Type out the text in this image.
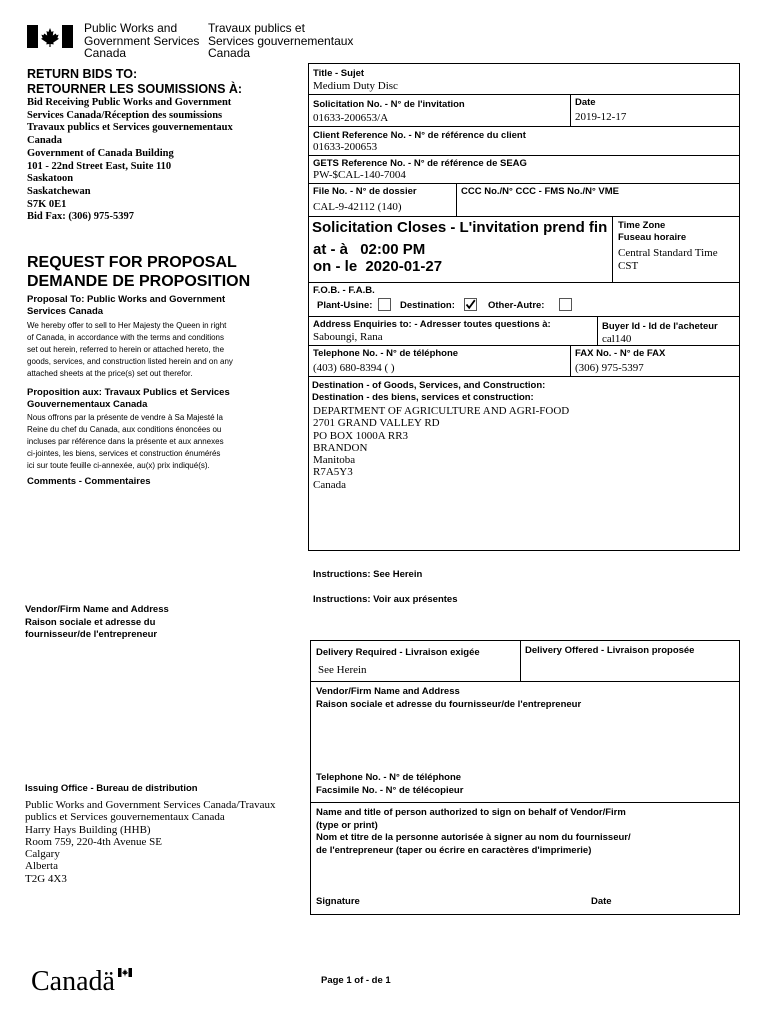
Public Works and
Government Services
Canada
Travaux publics et
Services gouvernementaux
Canada
RETURN BIDS TO:
RETOURNER LES SOUMISSIONS À:
Bid Receiving Public Works and Government
Services Canada/Réception des soumissions
Travaux publics et Services gouvernementaux
Canada
Government of Canada Building
101 - 22nd Street East, Suite 110
Saskatoon
Saskatchewan
S7K 0E1
Bid Fax: (306) 975-5397
REQUEST FOR PROPOSAL
DEMANDE DE PROPOSITION
Proposal To: Public Works and Government
Services Canada
We hereby offer to sell to Her Majesty the Queen in right
of Canada, in accordance with the terms and conditions
set out herein, referred to herein or attached hereto, the
goods, services, and construction listed herein and on any
attached sheets at the price(s) set out therefor.
Proposition aux: Travaux Publics et Services
Gouvernementaux Canada
Nous offrons par la présente de vendre à Sa Majesté la
Reine du chef du Canada, aux conditions énoncées ou
incluses par référence dans la présente et aux annexes
ci-jointes, les biens, services et construction énumérés
ici sur toute feuille ci-annexée, au(x) prix indiqué(s).
Comments - Commentaires
Vendor/Firm Name and Address
Raison sociale et adresse du
fournisseur/de l'entrepreneur
Issuing Office - Bureau de distribution
Public Works and Government Services Canada/Travaux
publics et Services gouvernementaux Canada
Harry Hays Building (HHB)
Room 759, 220-4th Avenue SE
Calgary
Alberta
T2G 4X3
Title - Sujet
Medium Duty Disc
Solicitation No. - N° de l'invitation
01633-200653/A
Date
2019-12-17
Client Reference No. - N° de référence du client
01633-200653
GETS Reference No. - N° de référence de SEAG
PW-$CAL-140-7004
File No. - N° de dossier
CAL-9-42112 (140)
CCC No./N° CCC - FMS No./N° VME
Solicitation Closes - L'invitation prend fin
at - à 02:00 PM
on - le 2020-01-27
Time Zone
Fuseau horaire
Central Standard Time
CST
F.O.B. - F.A.B.
Plant-Usine:	Destination:	Other-Autre:
Address Enquiries to: - Adresser toutes questions à:
Saboungi, Rana
Buyer Id - Id de l'acheteur
cal140
Telephone No. - N° de téléphone
(403) 680-8394 ( )
FAX No. - N° de FAX
(306) 975-5397
Destination - of Goods, Services, and Construction:
Destination - des biens, services et construction:
DEPARTMENT OF AGRICULTURE AND AGRI-FOOD
2701 GRAND VALLEY RD
PO BOX 1000A RR3
BRANDON
Manitoba
R7A5Y3
Canada
Instructions: See Herein
Instructions: Voir aux présentes
Delivery Required - Livraison exigée
See Herein
Delivery Offered - Livraison proposée
Vendor/Firm Name and Address
Raison sociale et adresse du fournisseur/de l'entrepreneur
Telephone No. - N° de téléphone
Facsimile No. - N° de télécopieur
Name and title of person authorized to sign on behalf of Vendor/Firm
(type or print)
Nom et titre de la personne autorisée à signer au nom du fournisseur/
de l'entrepreneur (taper ou écrire en caractères d'imprimerie)
Signature	Date
Canadä	Page 1 of - de 1
